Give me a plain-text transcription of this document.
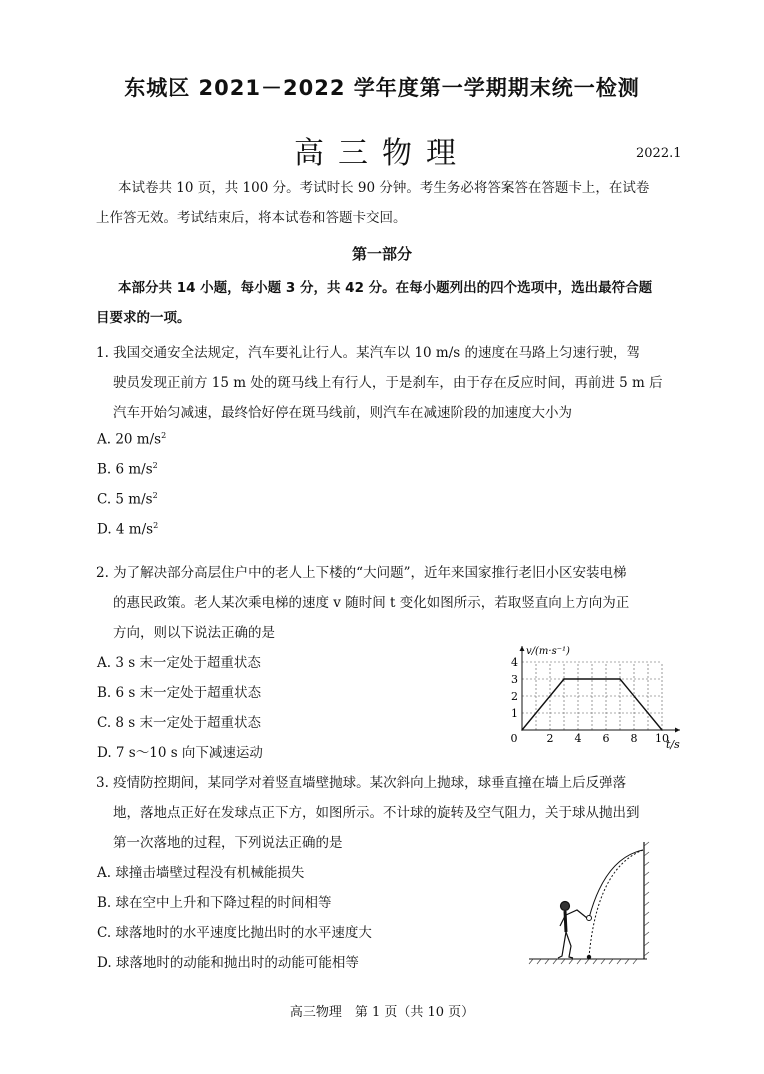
东城区 2021－2022 学年度第一学期期末统一检测
高三物理	2022.1
本试卷共 10 页，共 100 分。考试时长 90 分钟。考生务必将答案答在答题卡上，在试卷
上作答无效。考试结束后，将本试卷和答题卡交回。
第一部分
本部分共 14 小题，每小题 3 分，共 42 分。在每小题列出的四个选项中，选出最符合题
目要求的一项。
1. 我国交通安全法规定，汽车要礼让行人。某汽车以 10 m/s 的速度在马路上匀速行驶，驾
驶员发现正前方 15 m 处的斑马线上有行人，于是刹车，由于存在反应时间，再前进 5 m 后
汽车开始匀减速，最终恰好停在斑马线前，则汽车在减速阶段的加速度大小为
A. 20 $m/s^2$
B. 6 $m/s^2$
C. 5 $m/s^2$
D. 4 $m/s^2$
2. 为了解决部分高层住户中的老人上下楼的“大问题”，近年来国家推行老旧小区安装电梯
的惠民政策。老人某次乘电梯的速度 v 随时间 t 变化如图所示，若取竖直向上方向为正
方向，则以下说法正确的是
A. 3 s 末一定处于超重状态
B. 6 s 末一定处于超重状态
C. 8 s 末一定处于超重状态
D. 7 s～10 s 向下减速运动
0	2 4 6 8 10
1
2
3
4
v/(m·s⁻¹)
t/s
3. 疫情防控期间，某同学对着竖直墙壁抛球。某次斜向上抛球，球垂直撞在墙上后反弹落
地，落地点正好在发球点正下方，如图所示。不计球的旋转及空气阻力，关于球从抛出到
第一次落地的过程，下列说法正确的是
A. 球撞击墙壁过程没有机械能损失
B. 球在空中上升和下降过程的时间相等
C. 球落地时的水平速度比抛出时的水平速度大
D. 球落地时的动能和抛出时的动能可能相等
高三物理　第 1 页（共 10 页）
